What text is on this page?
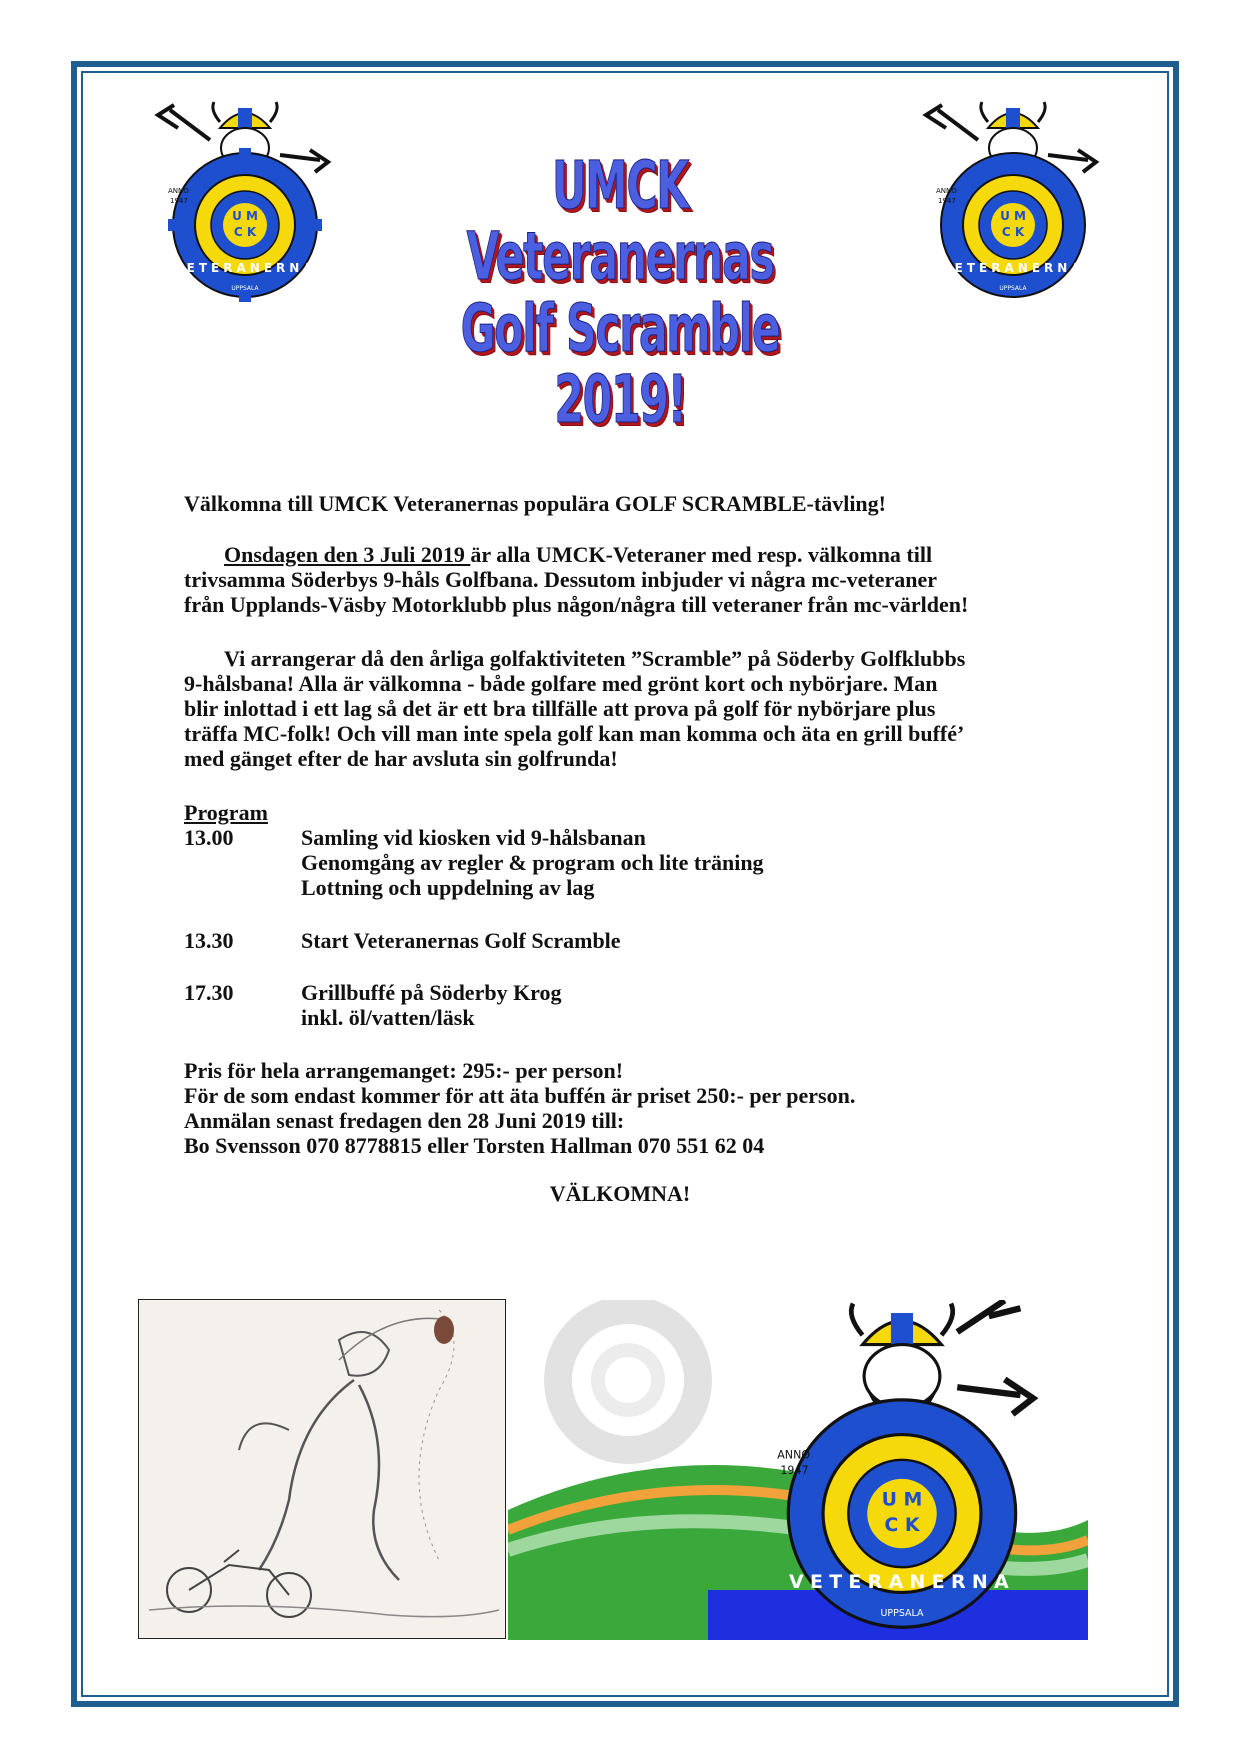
U M
C K
ANNO
1947
VETERANERNA
UPPSALA
U M
C K
ANNO
1947
VETERANERNA
UPPSALA
UMCK
Veteranernas
Golf Scramble 2019!
Välkomna till UMCK Veteranernas populära GOLF SCRAMBLE-tävling!
Onsdagen den 3 Juli 2019 är alla UMCK-Veteraner med resp. välkomna till
trivsamma Söderbys 9-håls Golfbana. Dessutom inbjuder vi några mc-veteraner
från Upplands-Väsby Motorklubb plus någon/några till veteraner från mc-världen!
Vi arrangerar då den årliga golfaktiviteten ”Scramble” på Söderby Golfklubbs
9-hålsbana! Alla är välkomna - både golfare med grönt kort och nybörjare. Man
blir inlottad i ett lag så det är ett bra tillfälle att prova på golf för nybörjare plus
träffa MC-folk! Och vill man inte spela golf kan man komma och äta en grill buffé’
med gänget efter de har avsluta sin golfrunda!
Program
13.00	Samling vid kiosken vid 9-hålsbanan
Genomgång av regler & program och lite träning
Lottning och uppdelning av lag
13.30	Start Veteranernas Golf Scramble
17.30	Grillbuffé på Söderby Krog
inkl. öl/vatten/läsk
Pris för hela arrangemanget: 295:- per person!
För de som endast kommer för att äta buffén är priset 250:- per person.
Anmälan senast fredagen den 28 Juni 2019 till:
Bo Svensson 070 8778815 eller Torsten Hallman 070 551 62 04
VÄLKOMNA!
U M
C K
ANNO
1947
VETERANERNA
UPPSALA
